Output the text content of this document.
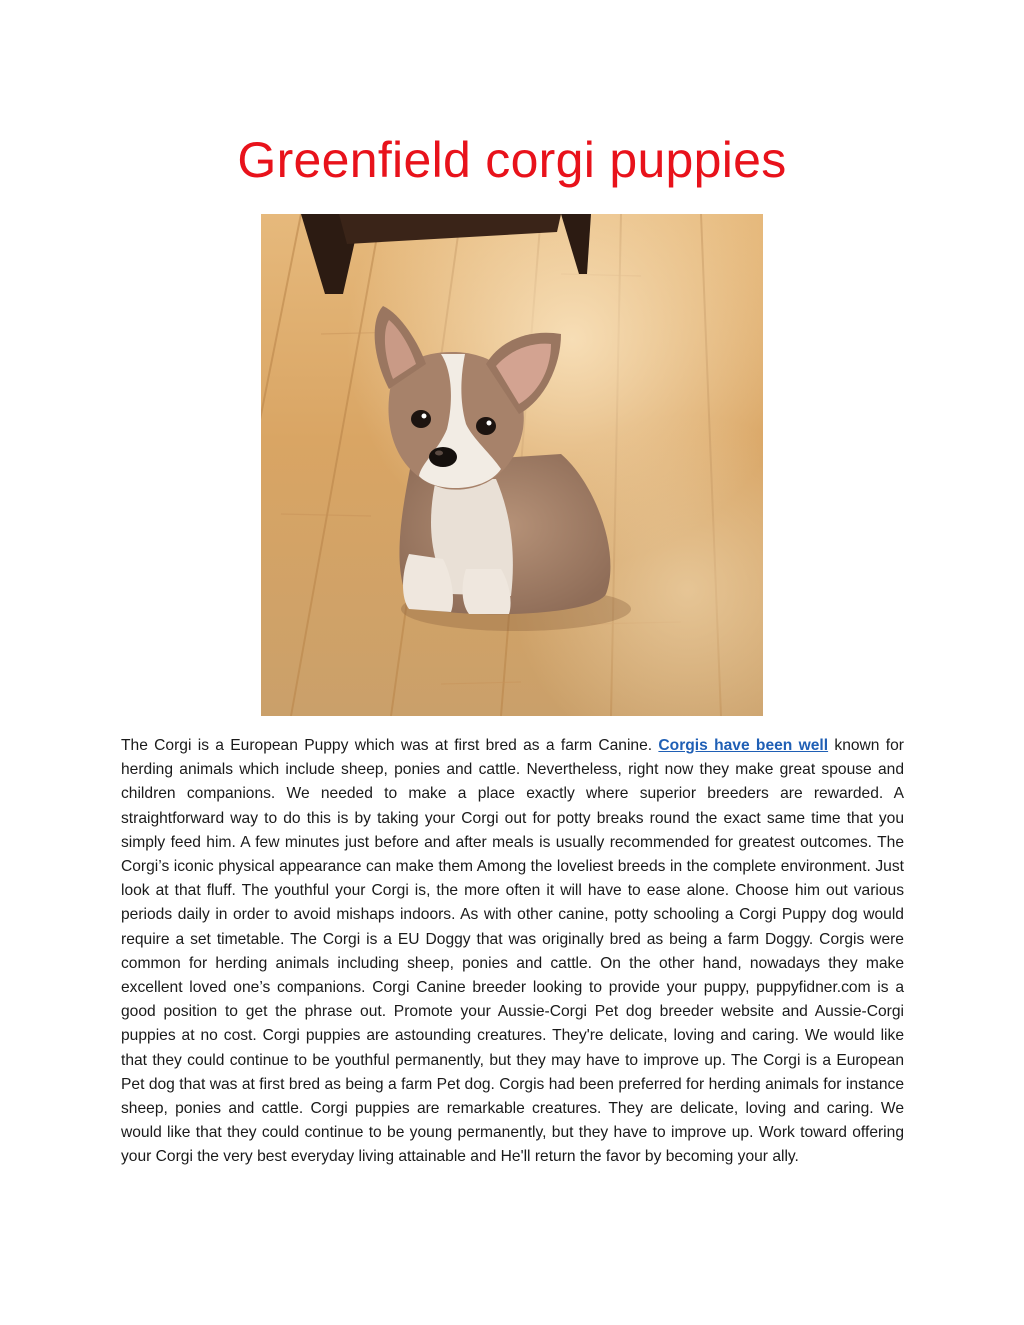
Greenfield corgi puppies

The Corgi is a European Puppy which was at first bred as a farm Canine. Corgis have been well known for herding animals which include sheep, ponies and cattle. Nevertheless, right now they make great spouse and children companions. We needed to make a place exactly where superior breeders are rewarded. A straightforward way to do this is by taking your Corgi out for potty breaks round the exact same time that you simply feed him. A few minutes just before and after meals is usually recommended for greatest outcomes. The Corgi’s iconic physical appearance can make them Among the loveliest breeds in the complete environment. Just look at that fluff. The youthful your Corgi is, the more often it will have to ease alone. Choose him out various periods daily in order to avoid mishaps indoors. As with other canine, potty schooling a Corgi Puppy dog would require a set timetable. The Corgi is a EU Doggy that was originally bred as being a farm Doggy. Corgis were common for herding animals including sheep, ponies and cattle. On the other hand, nowadays they make excellent loved one’s companions. Corgi Canine breeder looking to provide your puppy, puppyfidner.com is a good position to get the phrase out. Promote your Aussie-Corgi Pet dog breeder website and Aussie-Corgi puppies at no cost. Corgi puppies are astounding creatures. They're delicate, loving and caring. We would like that they could continue to be youthful permanently, but they may have to improve up. The Corgi is a European Pet dog that was at first bred as being a farm Pet dog. Corgis had been preferred for herding animals for instance sheep, ponies and cattle. Corgi puppies are remarkable creatures. They are delicate, loving and caring. We would like that they could continue to be young permanently, but they have to improve up. Work toward offering your Corgi the very best everyday living attainable and He'll return the favor by becoming your ally.
